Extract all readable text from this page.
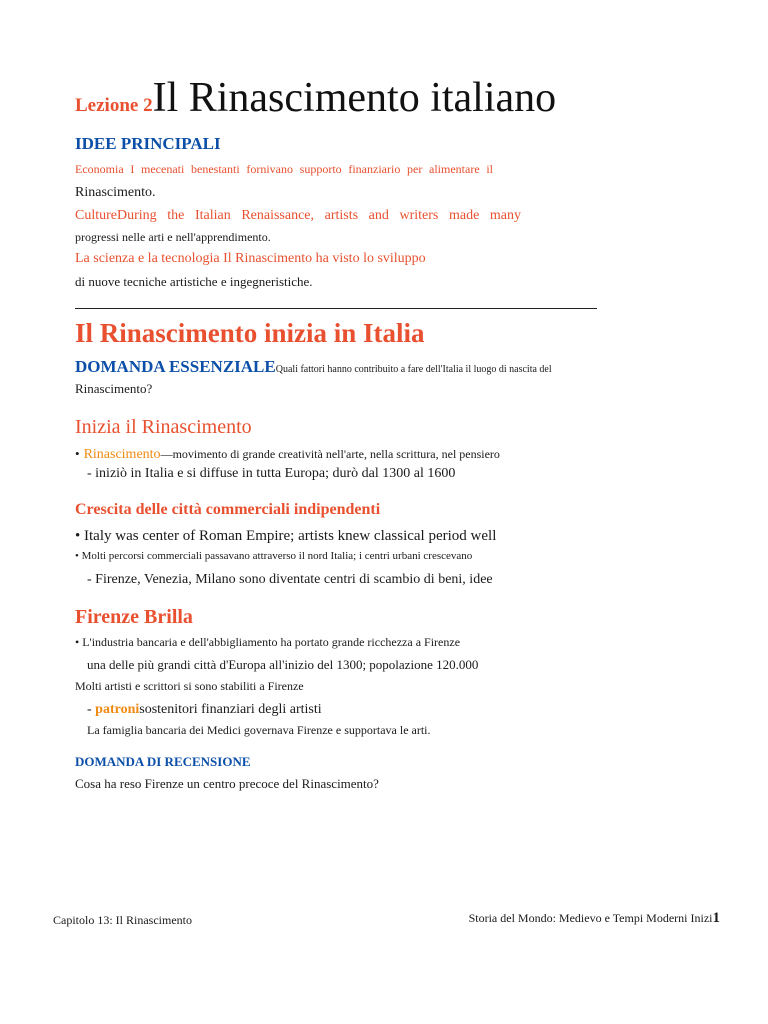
Lezione 2Il Rinascimento italiano
IDEE PRINCIPALI
Economia I mecenati benestanti fornivano supporto finanziario per alimentare il
Rinascimento.
CultureDuring the Italian Renaissance, artists and writers made many
progressi nelle arti e nell'apprendimento.
La scienza e la tecnologia Il Rinascimento ha visto lo sviluppo
di nuove tecniche artistiche e ingegneristiche.
Il Rinascimento inizia in Italia
DOMANDA ESSENZIALEQuali fattori hanno contribuito a fare dell'Italia il luogo di nascita del
Rinascimento?
Inizia il Rinascimento
• Rinascimento—movimento di grande creatività nell'arte, nella scrittura, nel pensiero
- iniziò in Italia e si diffuse in tutta Europa; durò dal 1300 al 1600
Crescita delle città commerciali indipendenti
• Italy was center of Roman Empire; artists knew classical period well
• Molti percorsi commerciali passavano attraverso il nord Italia; i centri urbani crescevano
- Firenze, Venezia, Milano sono diventate centri di scambio di beni, idee
Firenze Brilla
• L'industria bancaria e dell'abbigliamento ha portato grande ricchezza a Firenze
una delle più grandi città d'Europa all'inizio del 1300; popolazione 120.000
Molti artisti e scrittori si sono stabiliti a Firenze
- patronisostenitori finanziari degli artisti
La famiglia bancaria dei Medici governava Firenze e supportava le arti.
DOMANDA DI RECENSIONE
Cosa ha reso Firenze un centro precoce del Rinascimento?
Capitolo 13: Il Rinascimento	Storia del Mondo: Medievo e Tempi Moderni Inizi1
